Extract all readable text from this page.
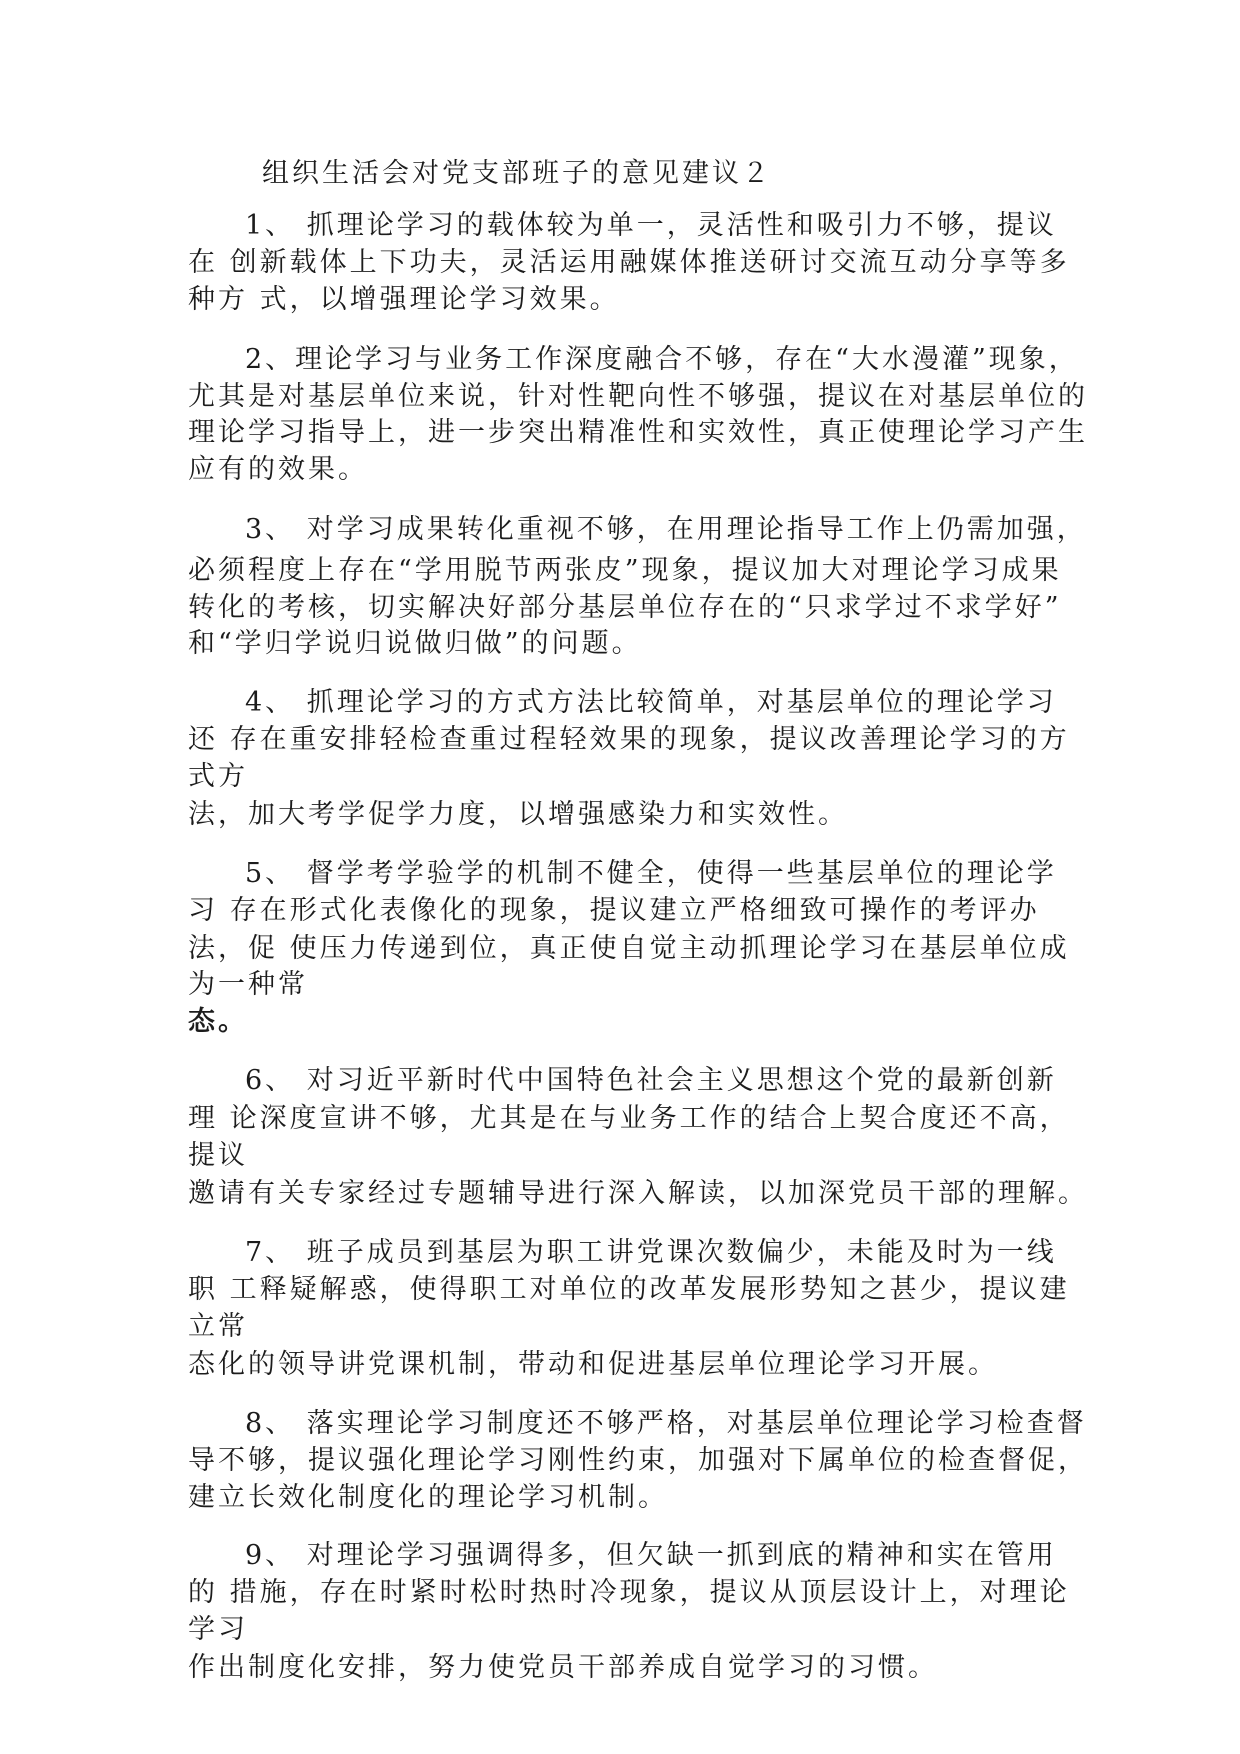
组织生活会对党支部班子的意见建议２
1、 抓理论学习的载体较为单一，灵活性和吸引力不够，提议
在 创新载体上下功夫，灵活运用融媒体推送研讨交流互动分享等多
种方 式，以增强理论学习效果。
2、理论学习与业务工作深度融合不够，存在“大水漫灌”现象，
尤其是对基层单位来说，针对性靶向性不够强，提议在对基层单位的
理论学习指导上，进一步突出精准性和实效性，真正使理论学习产生
应有的效果。
3、 对学习成果转化重视不够，在用理论指导工作上仍需加强，
必须程度上存在“学用脱节两张皮”现象，提议加大对理论学习成果
转化的考核，切实解决好部分基层单位存在的“只求学过不求学好”
和“学归学说归说做归做”的问题。
4、 抓理论学习的方式方法比较简单，对基层单位的理论学习
还 存在重安排轻检查重过程轻效果的现象，提议改善理论学习的方
式方
法，加大考学促学力度，以增强感染力和实效性。
5、 督学考学验学的机制不健全，使得一些基层单位的理论学
习 存在形式化表像化的现象，提议建立严格细致可操作的考评办
法，促 使压力传递到位，真正使自觉主动抓理论学习在基层单位成
为一种常
态。
6、 对习近平新时代中国特色社会主义思想这个党的最新创新
理 论深度宣讲不够，尤其是在与业务工作的结合上契合度还不高，
提议
邀请有关专家经过专题辅导进行深入解读，以加深党员干部的理解。
7、 班子成员到基层为职工讲党课次数偏少，未能及时为一线
职 工释疑解惑，使得职工对单位的改革发展形势知之甚少，提议建
立常
态化的领导讲党课机制，带动和促进基层单位理论学习开展。
8、 落实理论学习制度还不够严格，对基层单位理论学习检查督
导不够，提议强化理论学习刚性约束，加强对下属单位的检查督促，
建立长效化制度化的理论学习机制。
9、 对理论学习强调得多，但欠缺一抓到底的精神和实在管用
的 措施，存在时紧时松时热时冷现象，提议从顶层设计上，对理论
学习
作出制度化安排，努力使党员干部养成自觉学习的习惯。
